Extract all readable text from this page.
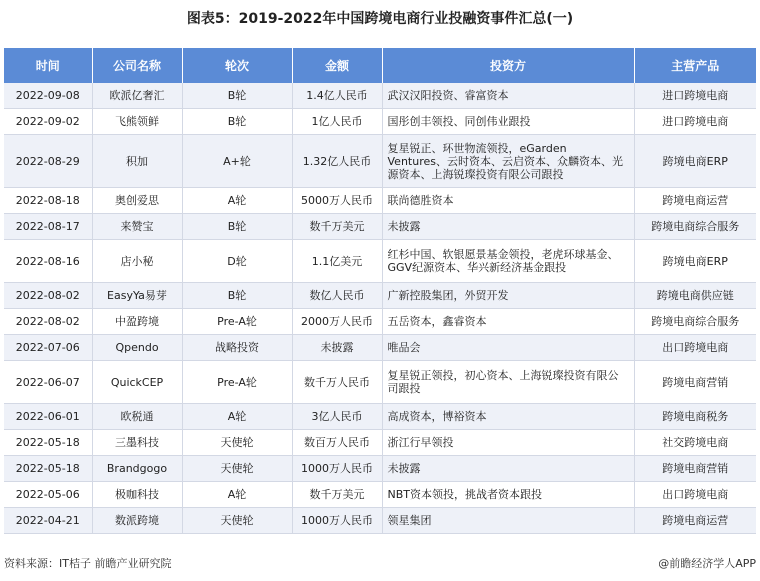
图表5：2019-2022年中国跨境电商行业投融资事件汇总(一)
时间	公司名称	轮次	金额	投资方	主营产品
2022-09-08	欧派亿奢汇	B轮	1.4亿人民币	武汉汉阳投资、睿富资本	进口跨境电商
2022-09-02	飞熊领鲜	B轮	1亿人民币	国彤创丰领投、同创伟业跟投	进口跨境电商
2022-08-29	积加	A+轮	1.32亿人民币	复星锐正、环世物流领投，eGarden Ventures、云时资本、云启资本、众麟资本、光源资本、上海锐璨投资有限公司跟投	跨境电商ERP
2022-08-18	奥创爱思	A轮	5000万人民币	联尚德胜资本	跨境电商运营
2022-08-17	来赞宝	B轮	数千万美元	未披露	跨境电商综合服务
2022-08-16	店小秘	D轮	1.1亿美元	红杉中国、软银愿景基金领投，老虎环球基金、GGV纪源资本、华兴新经济基金跟投	跨境电商ERP
2022-08-02	EasyYa易芽	B轮	数亿人民币	广新控股集团，外贸开发	跨境电商供应链
2022-08-02	中盈跨境	Pre-A轮	2000万人民币	五岳资本，鑫睿资本	跨境电商综合服务
2022-07-06	Qpendo	战略投资	未披露	唯品会	出口跨境电商
2022-06-07	QuickCEP	Pre-A轮	数千万人民币	复星锐正领投，初心资本、上海锐璨投资有限公司跟投	跨境电商营销
2022-06-01	欧税通	A轮	3亿人民币	高成资本，博裕资本	跨境电商税务
2022-05-18	三墨科技	天使轮	数百万人民币	浙江行早领投	社交跨境电商
2022-05-18	Brandgogo	天使轮	1000万人民币	未披露	跨境电商营销
2022-05-06	极咖科技	A轮	数千万美元	NBT资本领投，挑战者资本跟投	出口跨境电商
2022-04-21	数派跨境	天使轮	1000万人民币	领星集团	跨境电商运营
资料来源：IT桔子 前瞻产业研究院	@前瞻经济学人APP
